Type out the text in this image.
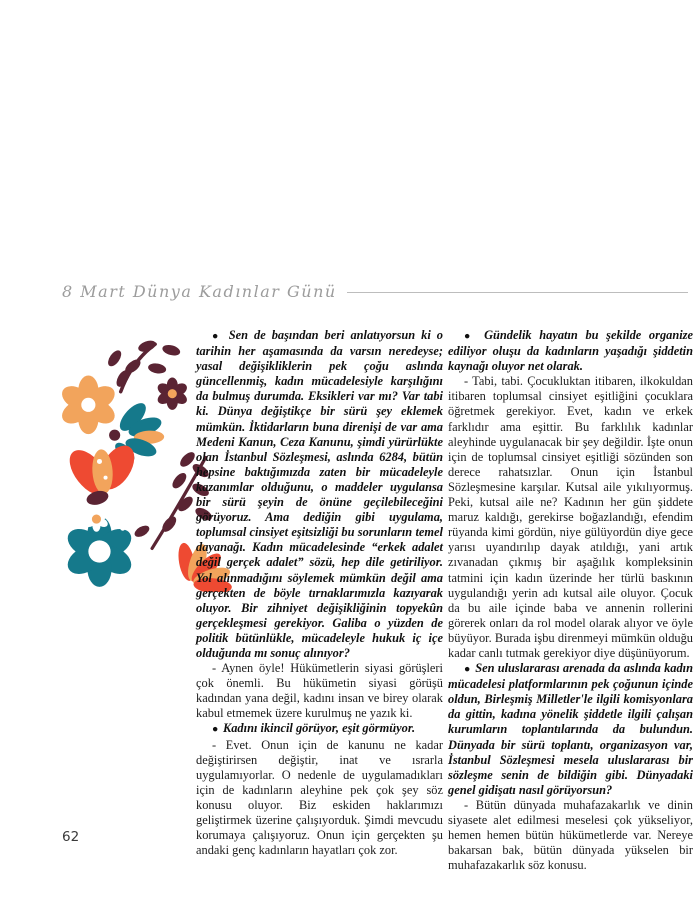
8 Mart Dünya Kadınlar Günü

● Sen de başından beri anlatıyorsun ki o tarihin her aşamasında da varsın neredeyse; yasal değişikliklerin pek çoğu aslında güncellenmiş, kadın mücadelesiyle karşılığını da bulmuş durumda. Eksikleri var mı? Var tabi ki. Dünya değiştikçe bir sürü şey eklemek mümkün. İktidarların buna direnişi de var ama Medeni Kanun, Ceza Kanunu, şimdi yürürlükte olan İstanbul Sözleşmesi, aslında 6284, bütün hepsine baktığımızda zaten bir mücadeleyle kazanımlar olduğunu, o maddeler uygulansa bir sürü şeyin de önüne geçilebileceğini görüyoruz. Ama dediğin gibi uygulama, toplumsal cinsiyet eşitsizliği bu sorunların temel dayanağı. Kadın mücadelesinde “erkek adalet değil gerçek adalet” sözü, hep dile getiriliyor. Yol alınmadığını söylemek mümkün değil ama gerçekten de böyle tırnaklarımızla kazıyarak oluyor. Bir zihniyet değişikliğinin topyekûn gerçekleşmesi gerekiyor. Galiba o yüzden de politik bütünlükle, mücadeleyle hukuk iç içe olduğunda mı sonuç alınıyor?

- Aynen öyle! Hükümetlerin siyasi görüşleri çok önemli. Bu hükümetin siyasi görüşü kadından yana değil, kadını insan ve birey olarak kabul etmemek üzere kurulmuş ne yazık ki.

● Kadını ikincil görüyor, eşit görmüyor.

- Evet. Onun için de kanunu ne kadar değiştirirsen değiştir, inat ve ısrarla uygulamıyorlar. O nedenle de uygulamadıkları için de kadınların aleyhine pek çok şey söz konusu oluyor. Biz eskiden haklarımızı geliştirmek üzerine çalışıyorduk. Şimdi mevcudu korumaya çalışıyoruz. Onun için gerçekten şu andaki genç kadınların hayatları çok zor.

● Gündelik hayatın bu şekilde organize ediliyor oluşu da kadınların yaşadığı şiddetin kaynağı oluyor net olarak.

- Tabi, tabi. Çocukluktan itibaren, ilkokuldan itibaren toplumsal cinsiyet eşitliğini çocuklara öğretmek gerekiyor. Evet, kadın ve erkek farklıdır ama eşittir. Bu farklılık kadınlar aleyhinde uygulanacak bir şey değildir. İşte onun için de toplumsal cinsiyet eşitliği sözünden son derece rahatsızlar. Onun için İstanbul Sözleşmesine karşılar. Kutsal aile yıkılıyormuş. Peki, kutsal aile ne? Kadının her gün şiddete maruz kaldığı, gerekirse boğazlandığı, efendim rüyanda kimi gördün, niye gülüyordün diye gece yarısı uyandırılıp dayak atıldığı, yani artık zıvanadan çıkmış bir aşağılık kompleksinin tatmini için kadın üzerinde her türlü baskının uygulandığı yerin adı kutsal aile oluyor. Çocuk da bu aile içinde baba ve annenin rollerini görerek onları da rol model olarak alıyor ve öyle büyüyor. Burada işbu direnmeyi mümkün olduğu kadar canlı tutmak gerekiyor diye düşünüyorum.

● Sen uluslararası arenada da aslında kadın mücadelesi platformlarının pek çoğunun içinde oldun, Birleşmiş Milletler'le ilgili komisyonlara da gittin, kadına yönelik şiddetle ilgili çalışan kurumların toplantılarında da bulundun. Dünyada bir sürü toplantı, organizasyon var, İstanbul Sözleşmesi mesela uluslararası bir sözleşme senin de bildiğin gibi. Dünyadaki genel gidişatı nasıl görüyorsun?

- Bütün dünyada muhafazakarlık ve dinin siyasete alet edilmesi meselesi çok yükseliyor, hemen hemen bütün hükümetlerde var. Nereye bakarsan bak, bütün dünyada yükselen bir muhafazakarlık söz konusu.

62
